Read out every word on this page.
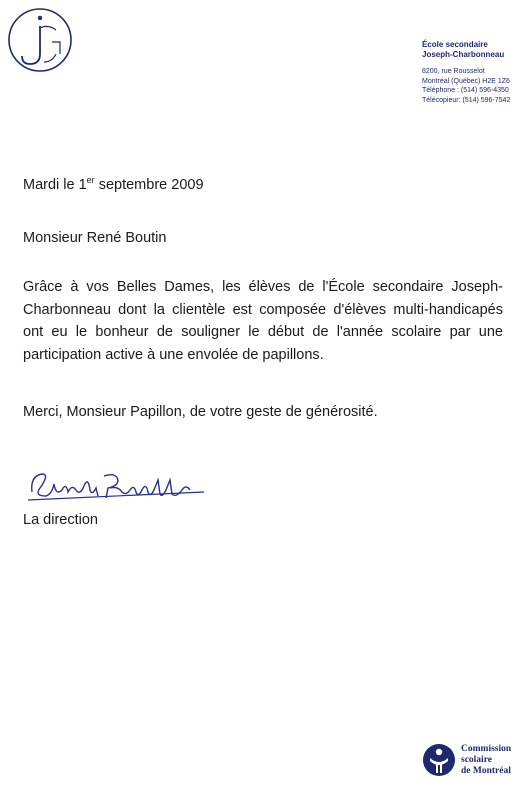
École secondaire
Joseph-Charbonneau
8200, rue Rousselot
Montréal (Québec) H2E 1Z6
Téléphone : (514) 596-4350
Télécopieur: (514) 596-7542
Mardi le 1er septembre 2009
Monsieur René Boutin
Grâce à vos Belles Dames, les élèves de l'École secondaire Joseph-Charbonneau dont la clientèle est composée d'élèves multi-handicapés ont eu le bonheur de souligner le début de l'année scolaire par une participation active à une envolée de papillons.
Merci, Monsieur Papillon, de votre geste de générosité.
La direction
Commission
scolaire
de Montréal
